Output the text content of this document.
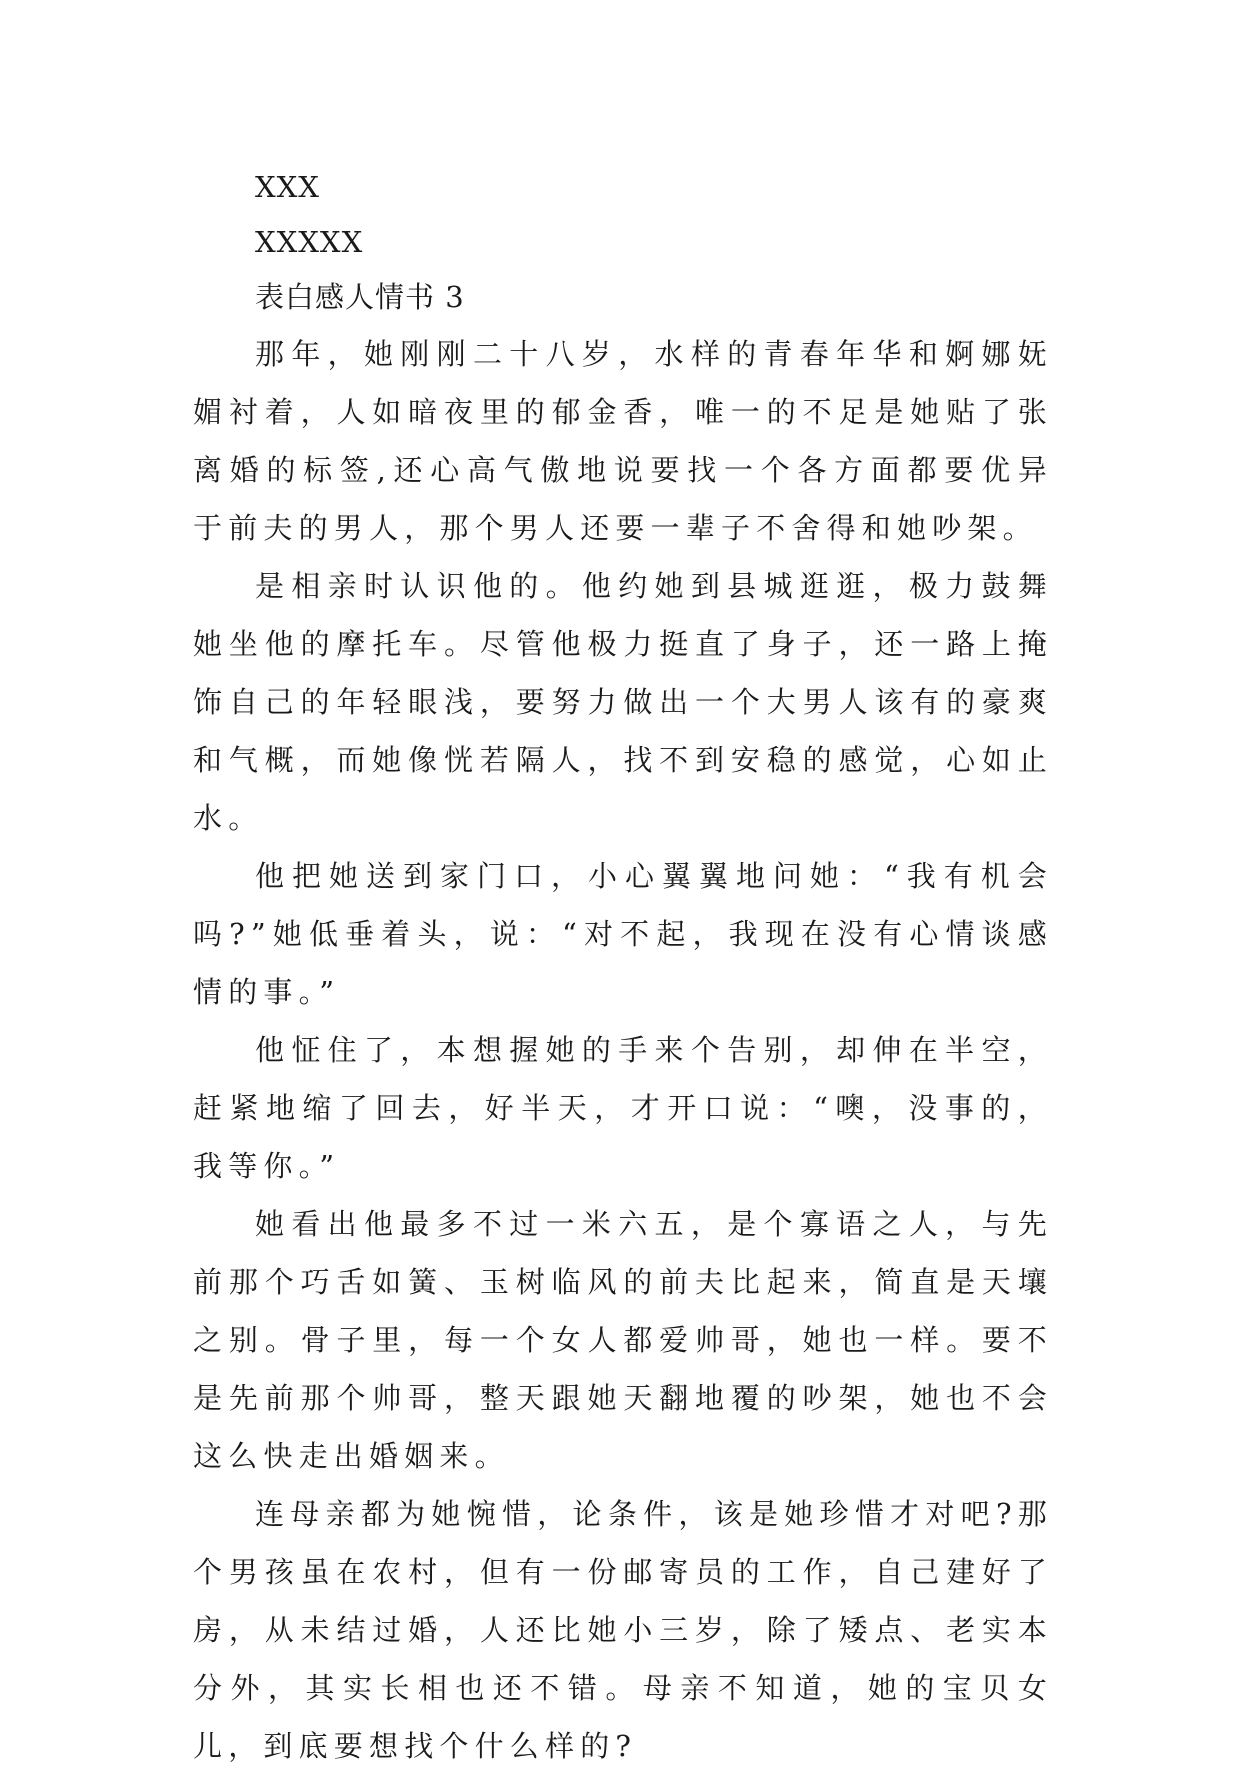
XXX
XXXXX
表白感人情书 3

那年，她刚刚二十八岁，水样的青春年华和婀娜妩媚衬着，人如暗夜里的郁金香，唯一的不足是她贴了张离婚的标签,还心高气傲地说要找一个各方面都要优异于前夫的男人，那个男人还要一辈子不舍得和她吵架。

是相亲时认识他的。他约她到县城逛逛，极力鼓舞她坐他的摩托车。尽管他极力挺直了身子，还一路上掩饰自己的年轻眼浅，要努力做出一个大男人该有的豪爽和气概，而她像恍若隔人，找不到安稳的感觉，心如止水。

他把她送到家门口，小心翼翼地问她：“我有机会吗?”她低垂着头，说：“对不起，我现在没有心情谈感情的事。”

他怔住了，本想握她的手来个告别，却伸在半空，赶紧地缩了回去，好半天，才开口说：“噢，没事的，我等你。”

她看出他最多不过一米六五，是个寡语之人，与先前那个巧舌如簧、玉树临风的前夫比起来，简直是天壤之别。骨子里，每一个女人都爱帅哥，她也一样。要不是先前那个帅哥，整天跟她天翻地覆的吵架，她也不会这么快走出婚姻来。

连母亲都为她惋惜，论条件，该是她珍惜才对吧?那个男孩虽在农村，但有一份邮寄员的工作，自己建好了房，从未结过婚，人还比她小三岁，除了矮点、老实本分外，其实长相也还不错。母亲不知道，她的宝贝女儿，到底要想找个什么样的?
